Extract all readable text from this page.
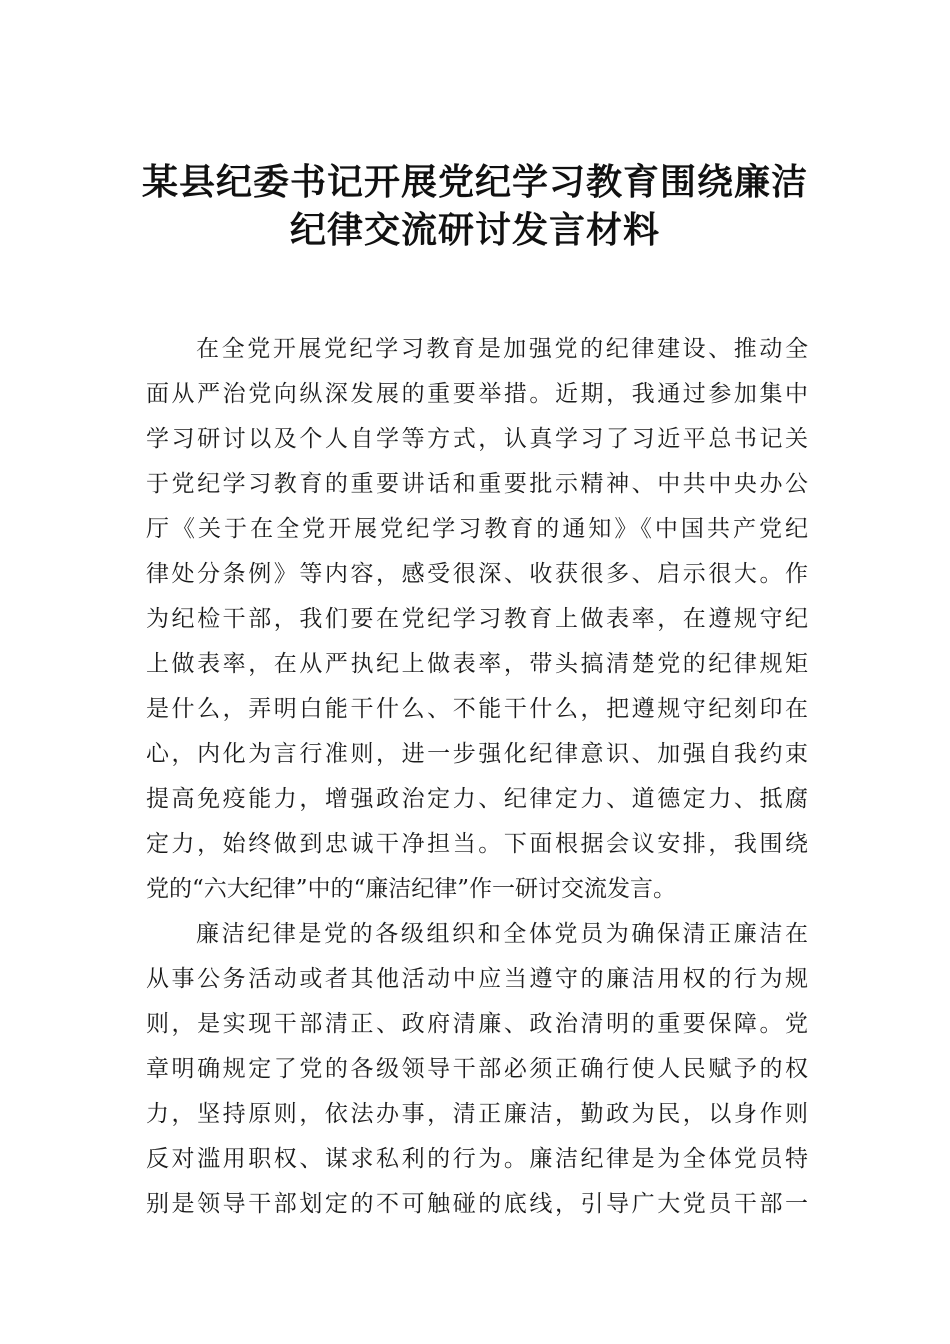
某县纪委书记开展党纪学习教育围绕廉洁
纪律交流研讨发言材料
在全党开展党纪学习教育是加强党的纪律建设、推动全
面从严治党向纵深发展的重要举措。近期，我通过参加集中
学习研讨以及个人自学等方式，认真学习了习近平总书记关
于党纪学习教育的重要讲话和重要批示精神、中共中央办公
厅《关于在全党开展党纪学习教育的通知》《中国共产党纪
律处分条例》等内容，感受很深、收获很多、启示很大。作
为纪检干部，我们要在党纪学习教育上做表率，在遵规守纪
上做表率，在从严执纪上做表率，带头搞清楚党的纪律规矩
是什么，弄明白能干什么、不能干什么，把遵规守纪刻印在
心，内化为言行准则，进一步强化纪律意识、加强自我约束
提高免疫能力，增强政治定力、纪律定力、道德定力、抵腐
定力，始终做到忠诚干净担当。下面根据会议安排，我围绕
党的“六大纪律”中的“廉洁纪律”作一研讨交流发言。
廉洁纪律是党的各级组织和全体党员为确保清正廉洁在
从事公务活动或者其他活动中应当遵守的廉洁用权的行为规
则，是实现干部清正、政府清廉、政治清明的重要保障。党
章明确规定了党的各级领导干部必须正确行使人民赋予的权
力，坚持原则，依法办事，清正廉洁，勤政为民，以身作则
反对滥用职权、谋求私利的行为。廉洁纪律是为全体党员特
别是领导干部划定的不可触碰的底线，引导广大党员干部一
